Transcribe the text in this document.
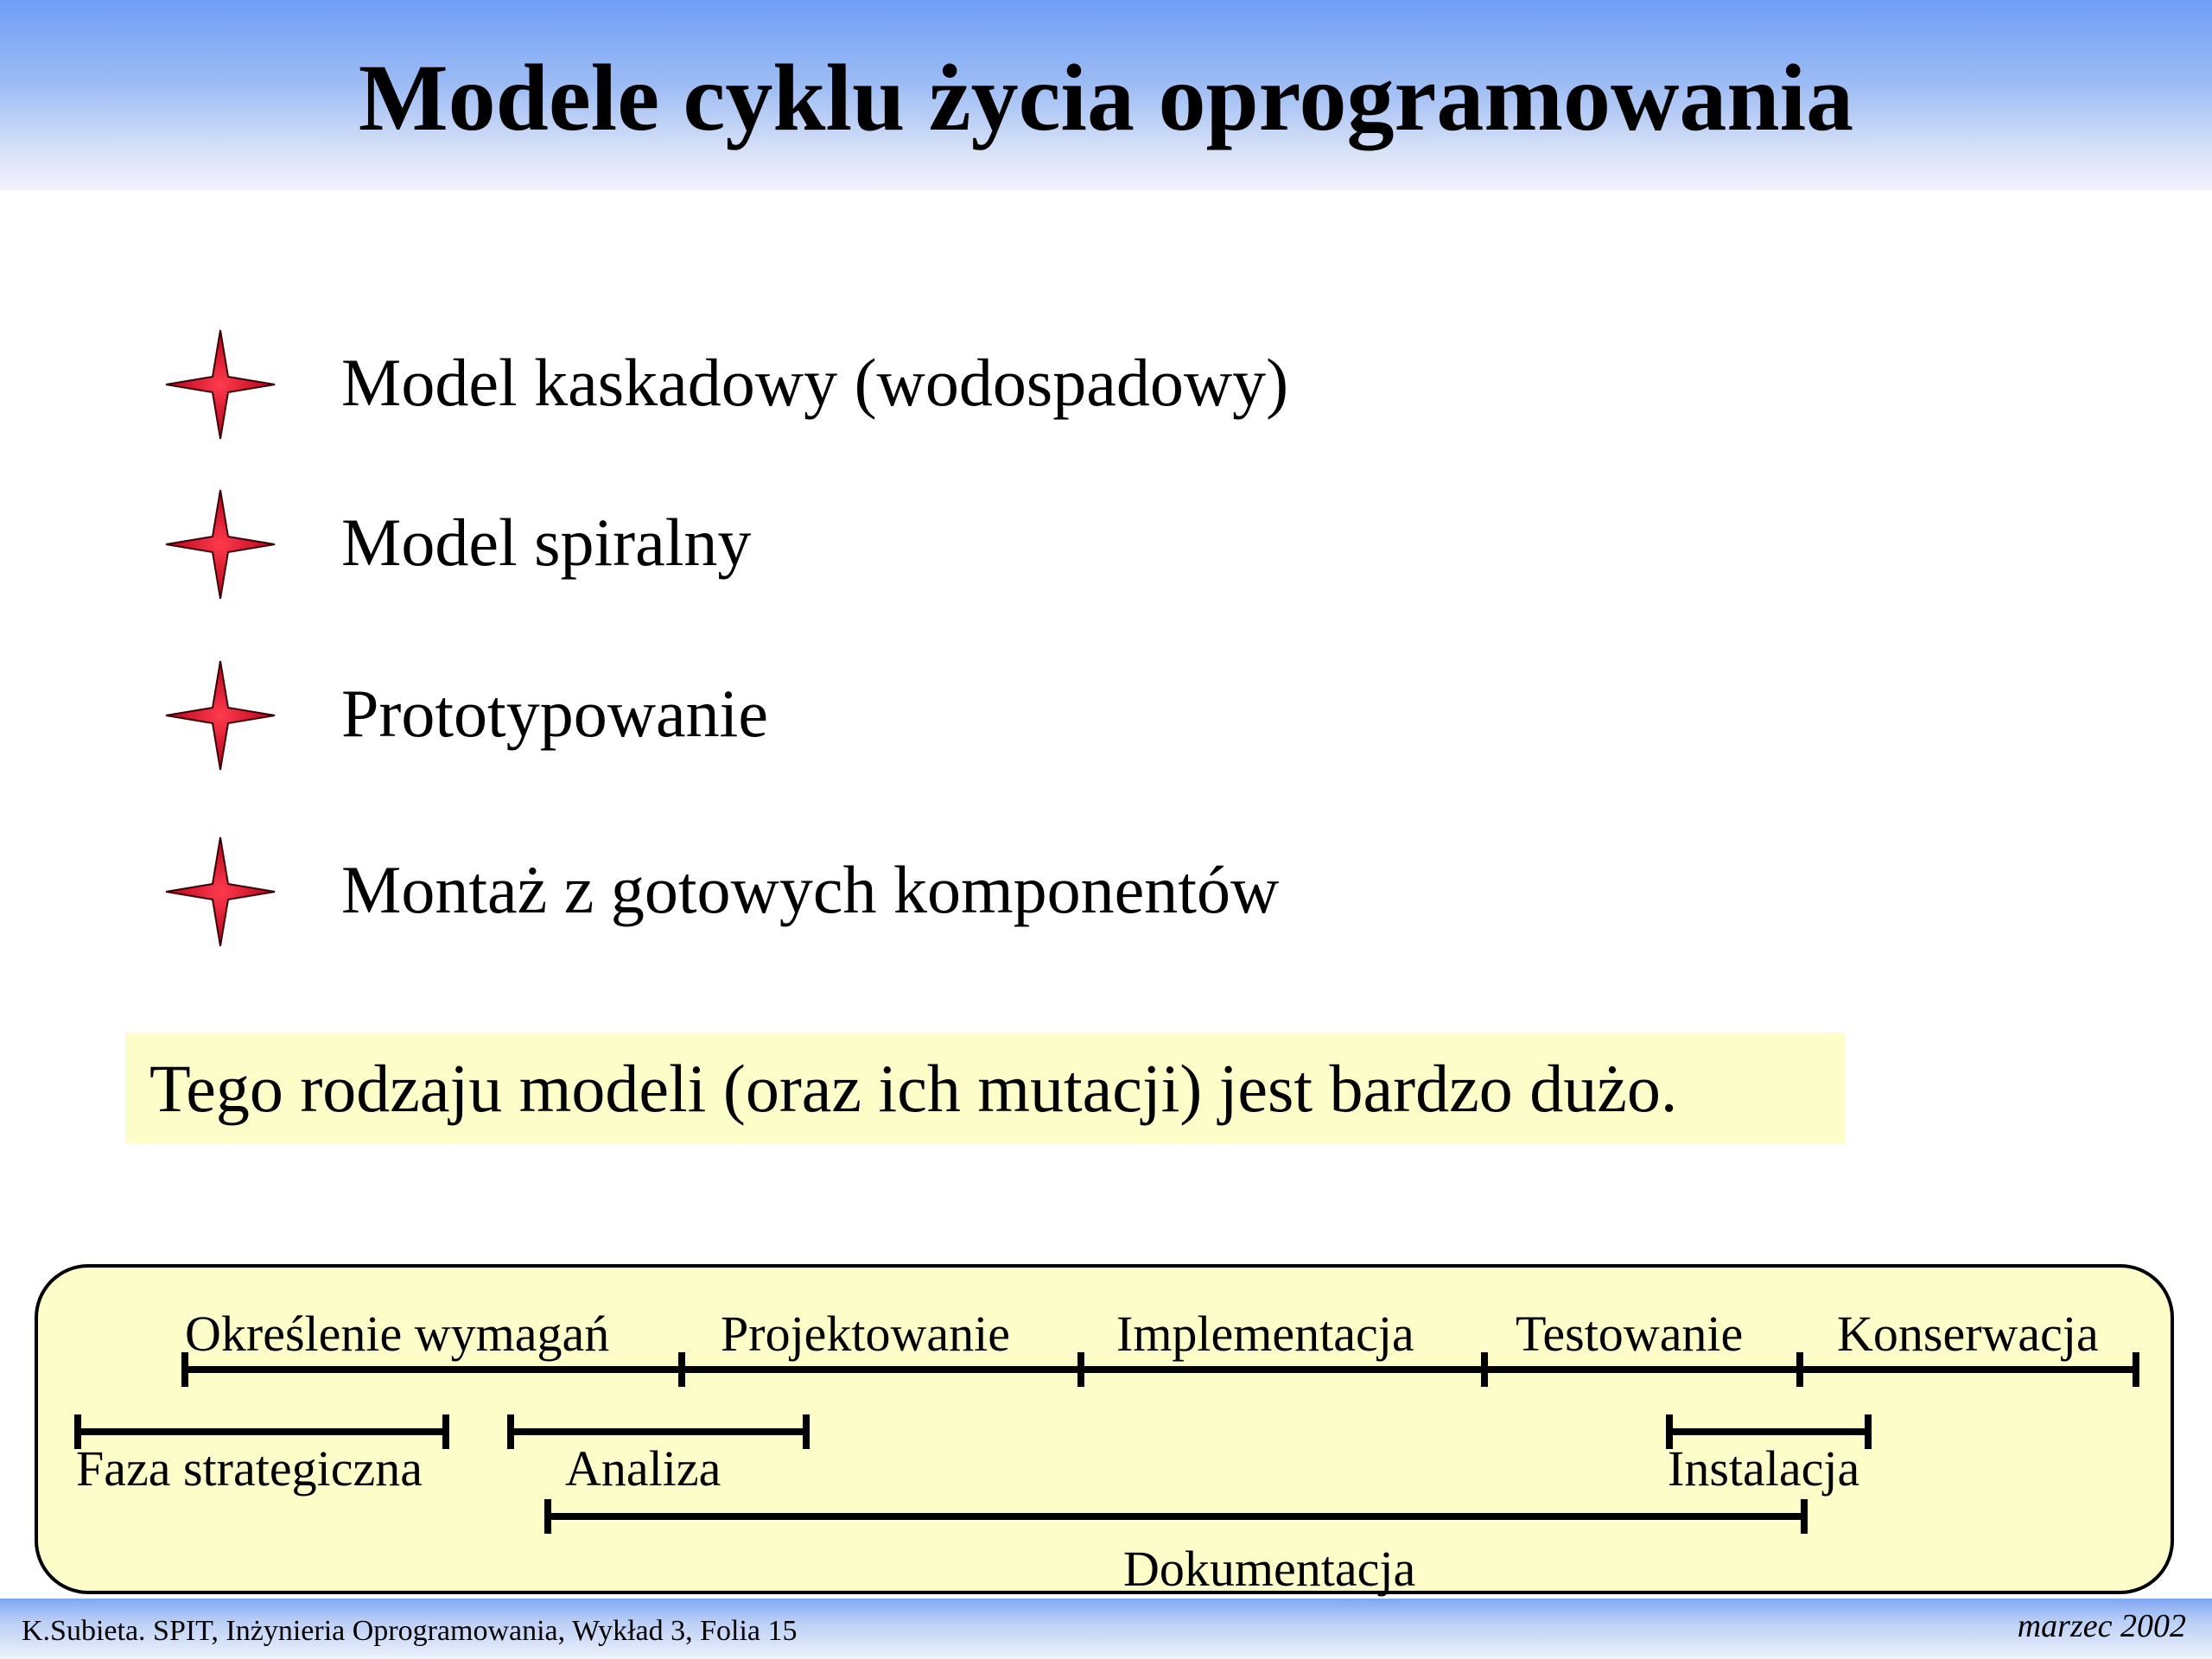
Modele cyklu życia oprogramowania
Model kaskadowy (wodospadowy)
Model spiralny
Prototypowanie
Montaż z gotowych komponentów
Tego rodzaju modeli (oraz ich mutacji) jest bardzo dużo.
Określenie wymagań Projektowanie Implementacja Testowanie Konserwacja
Faza strategiczna	Analiza	Instalacja
Dokumentacja
K.Subieta. SPIT, Inżynieria Oprogramowania, Wykład 3, Folia 15	marzec 2002
